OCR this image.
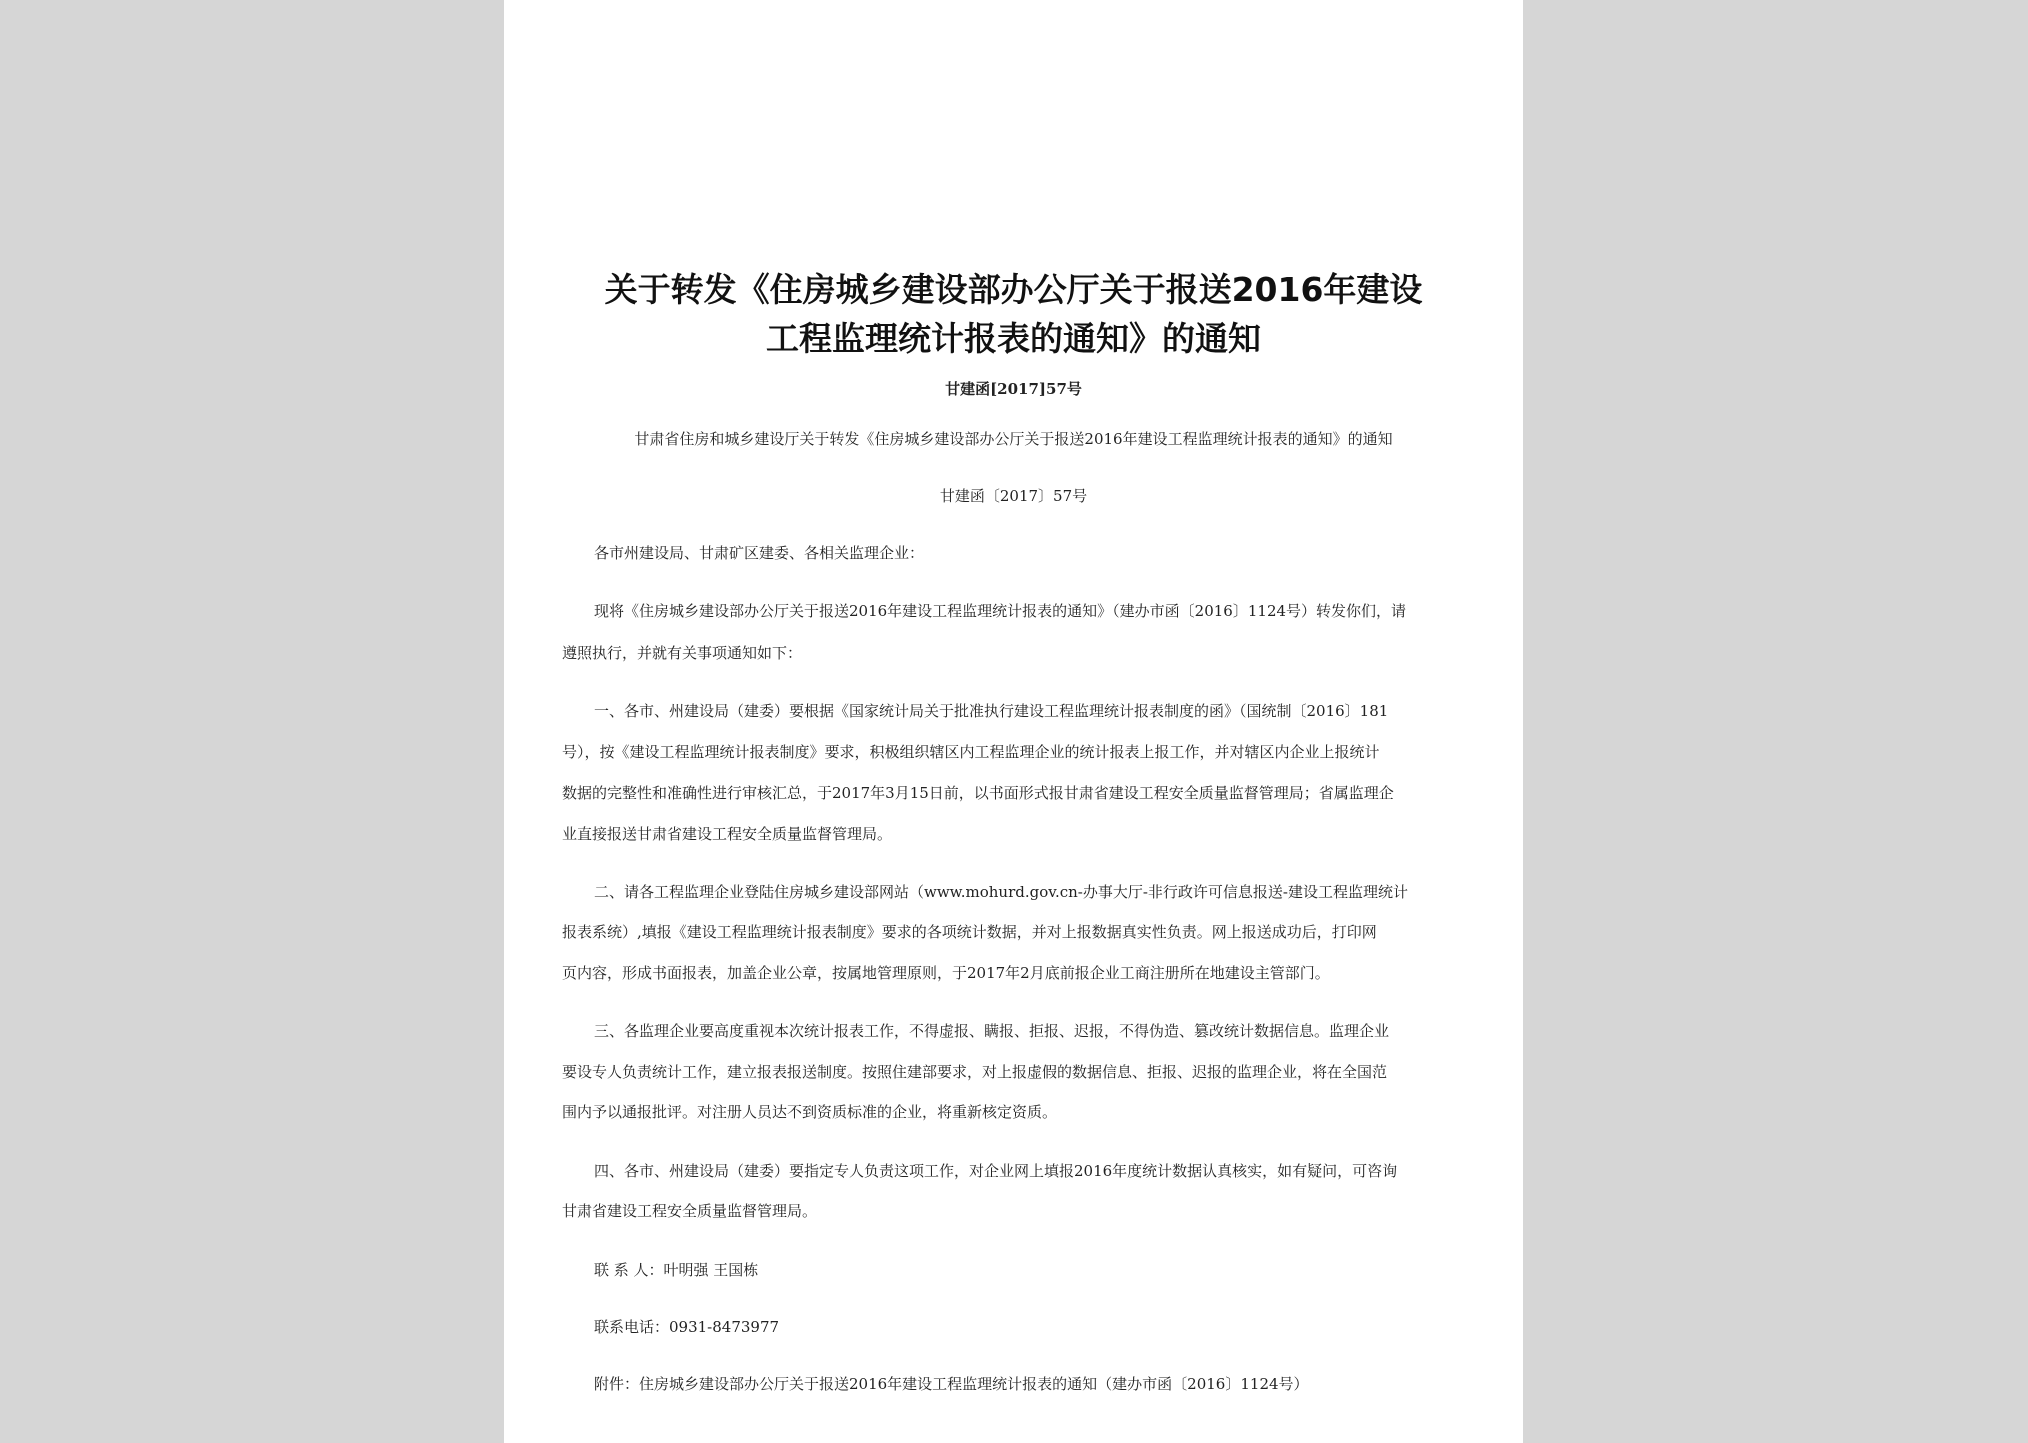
关于转发《住房城乡建设部办公厅关于报送2016年建设
工程监理统计报表的通知》的通知
甘建函[2017]57号
甘肃省住房和城乡建设厅关于转发《住房城乡建设部办公厅关于报送2016年建设工程监理统计报表的通知》的通知
甘建函〔2017〕57号
各市州建设局、甘肃矿区建委、各相关监理企业：
现将《住房城乡建设部办公厅关于报送2016年建设工程监理统计报表的通知》（建办市函〔2016〕1124号）转发你们，请
遵照执行，并就有关事项通知如下：
一、各市、州建设局（建委）要根据《国家统计局关于批准执行建设工程监理统计报表制度的函》（国统制〔2016〕181
号），按《建设工程监理统计报表制度》要求，积极组织辖区内工程监理企业的统计报表上报工作，并对辖区内企业上报统计
数据的完整性和准确性进行审核汇总，于2017年3月15日前，以书面形式报甘肃省建设工程安全质量监督管理局；省属监理企
业直接报送甘肃省建设工程安全质量监督管理局。
二、请各工程监理企业登陆住房城乡建设部网站（www.mohurd.gov.cn-办事大厅-非行政许可信息报送-建设工程监理统计
报表系统）,填报《建设工程监理统计报表制度》要求的各项统计数据，并对上报数据真实性负责。网上报送成功后，打印网
页内容，形成书面报表，加盖企业公章，按属地管理原则，于2017年2月底前报企业工商注册所在地建设主管部门。
三、各监理企业要高度重视本次统计报表工作，不得虚报、瞒报、拒报、迟报，不得伪造、篡改统计数据信息。监理企业
要设专人负责统计工作，建立报表报送制度。按照住建部要求，对上报虚假的数据信息、拒报、迟报的监理企业，将在全国范
围内予以通报批评。对注册人员达不到资质标准的企业，将重新核定资质。
四、各市、州建设局（建委）要指定专人负责这项工作，对企业网上填报2016年度统计数据认真核实，如有疑问，可咨询
甘肃省建设工程安全质量监督管理局。
联 系 人：叶明强 王国栋
联系电话：0931-8473977
附件：住房城乡建设部办公厅关于报送2016年建设工程监理统计报表的通知（建办市函〔2016〕1124号）
